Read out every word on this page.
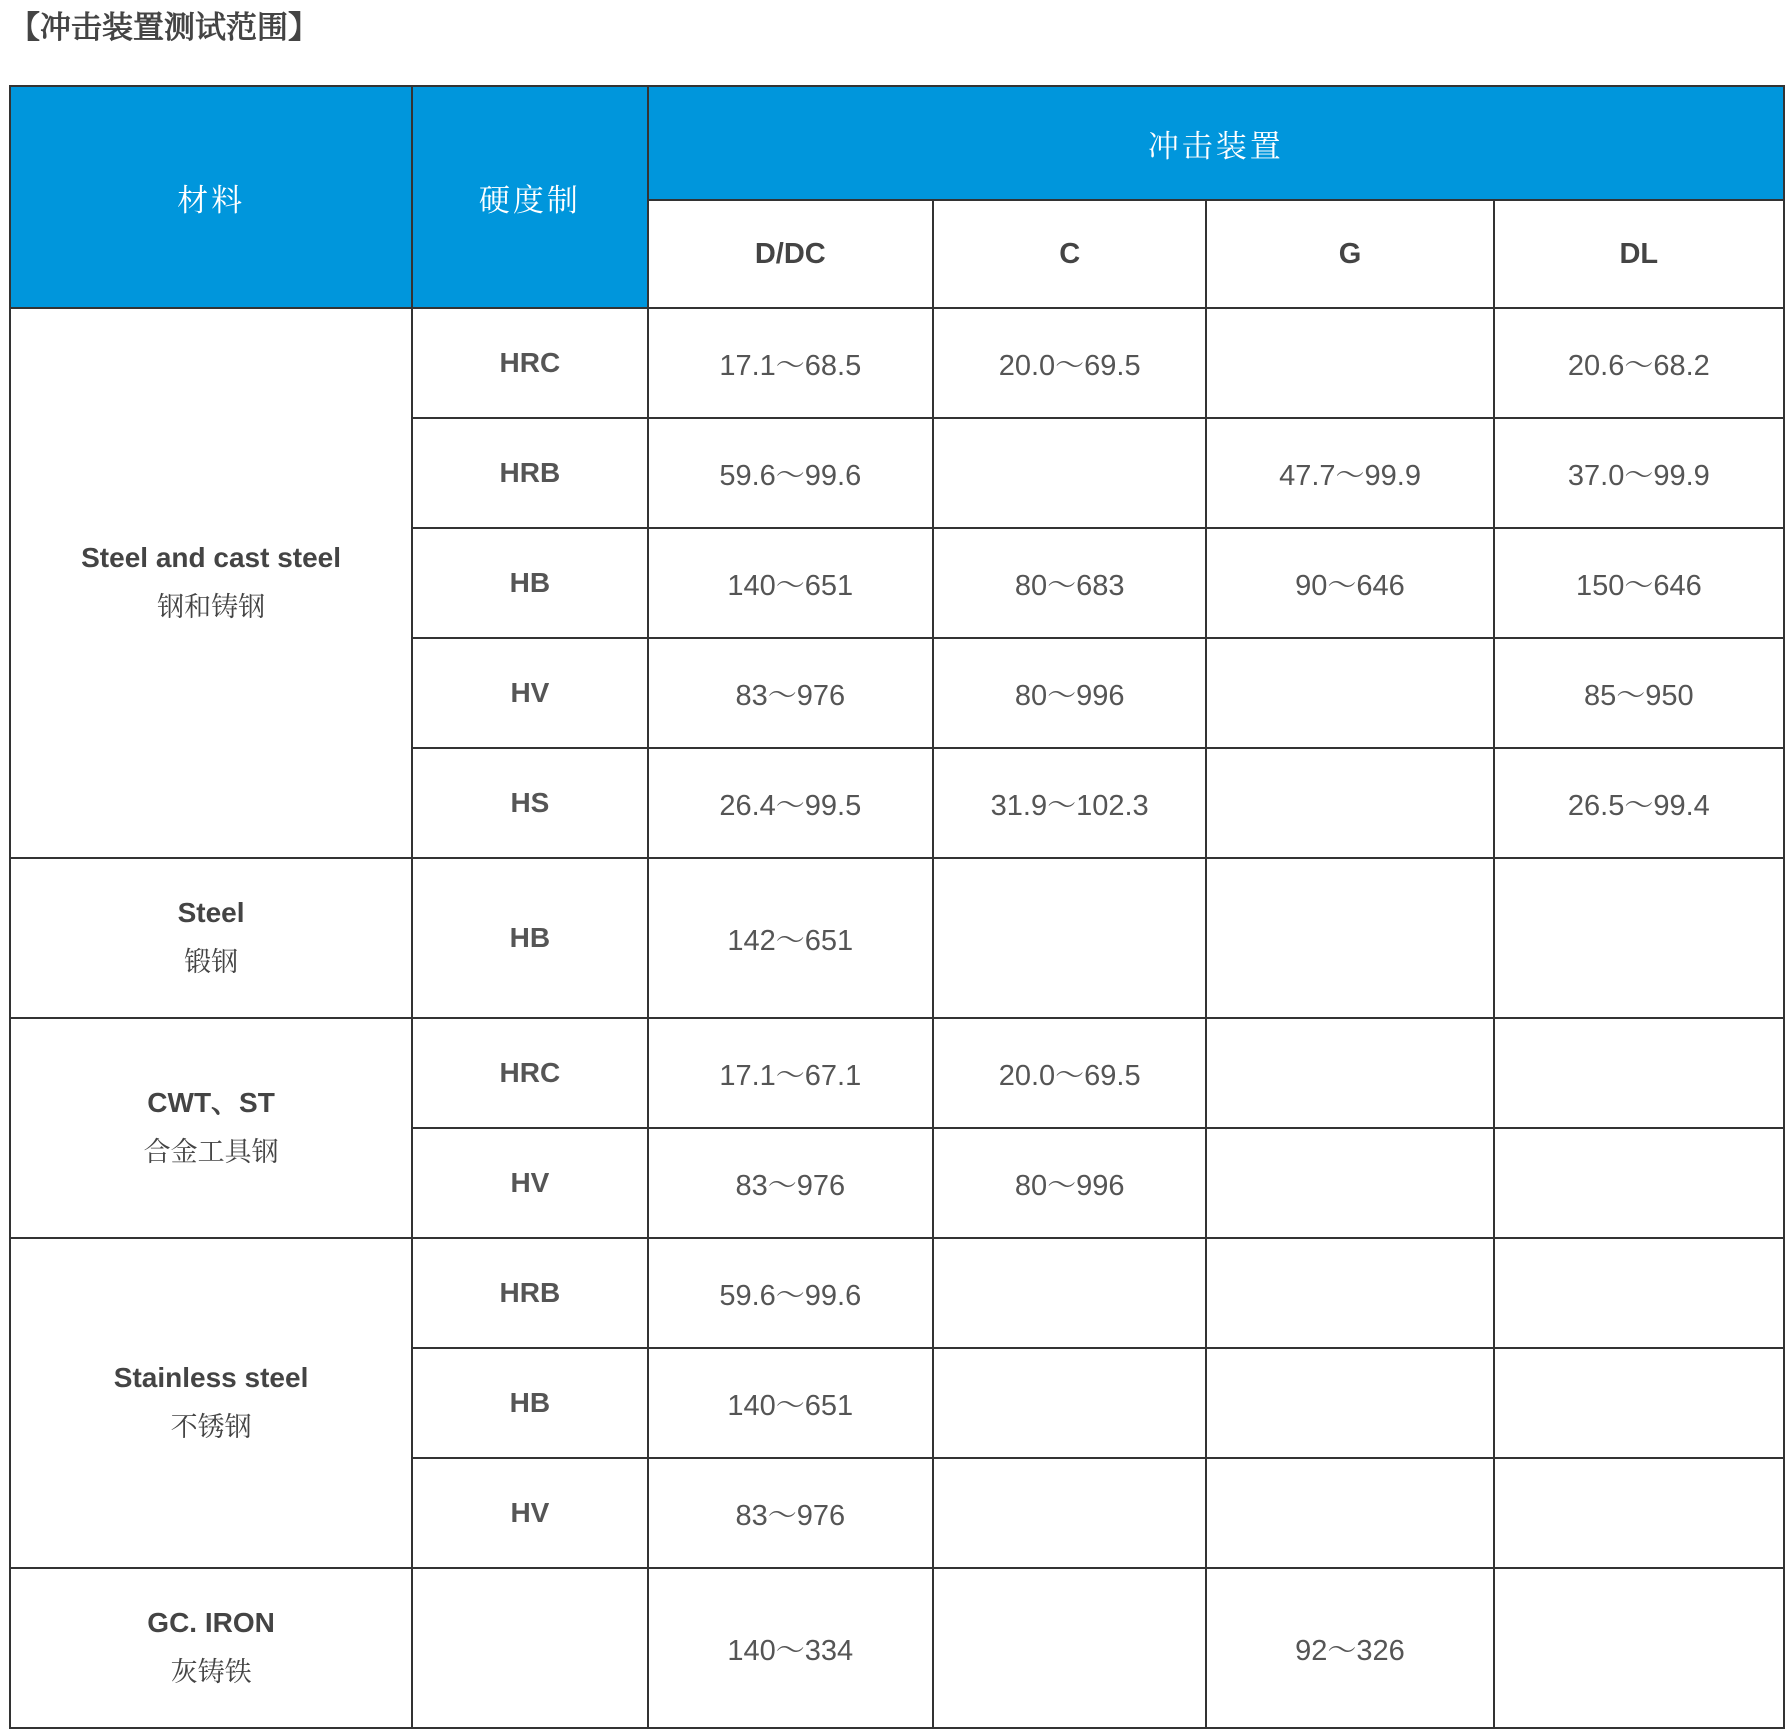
【冲击装置测试范围】
材料	硬度制	冲击装置			
		D/DC	C	G	DL

Steel and cast steel
钢和铸钢	HRC	17.1～68.5	20.0～69.5		20.6～68.2
	HRB	59.6～99.6		47.7～99.9	37.0～99.9
	HB	140～651	80～683	90～646	150～646
	HV	83～976	80～996		85～950
	HS	26.4～99.5	31.9～102.3		26.5～99.4

Steel
锻钢	HB	142～651			

CWT、ST
合金工具钢	HRC	17.1～67.1	20.0～69.5		
	HV	83～976	80～996		

Stainless steel
不锈钢	HRB	59.6～99.6			
	HB	140～651			
	HV	83～976			

GC. IRON
灰铸铁		140～334		92～326	
